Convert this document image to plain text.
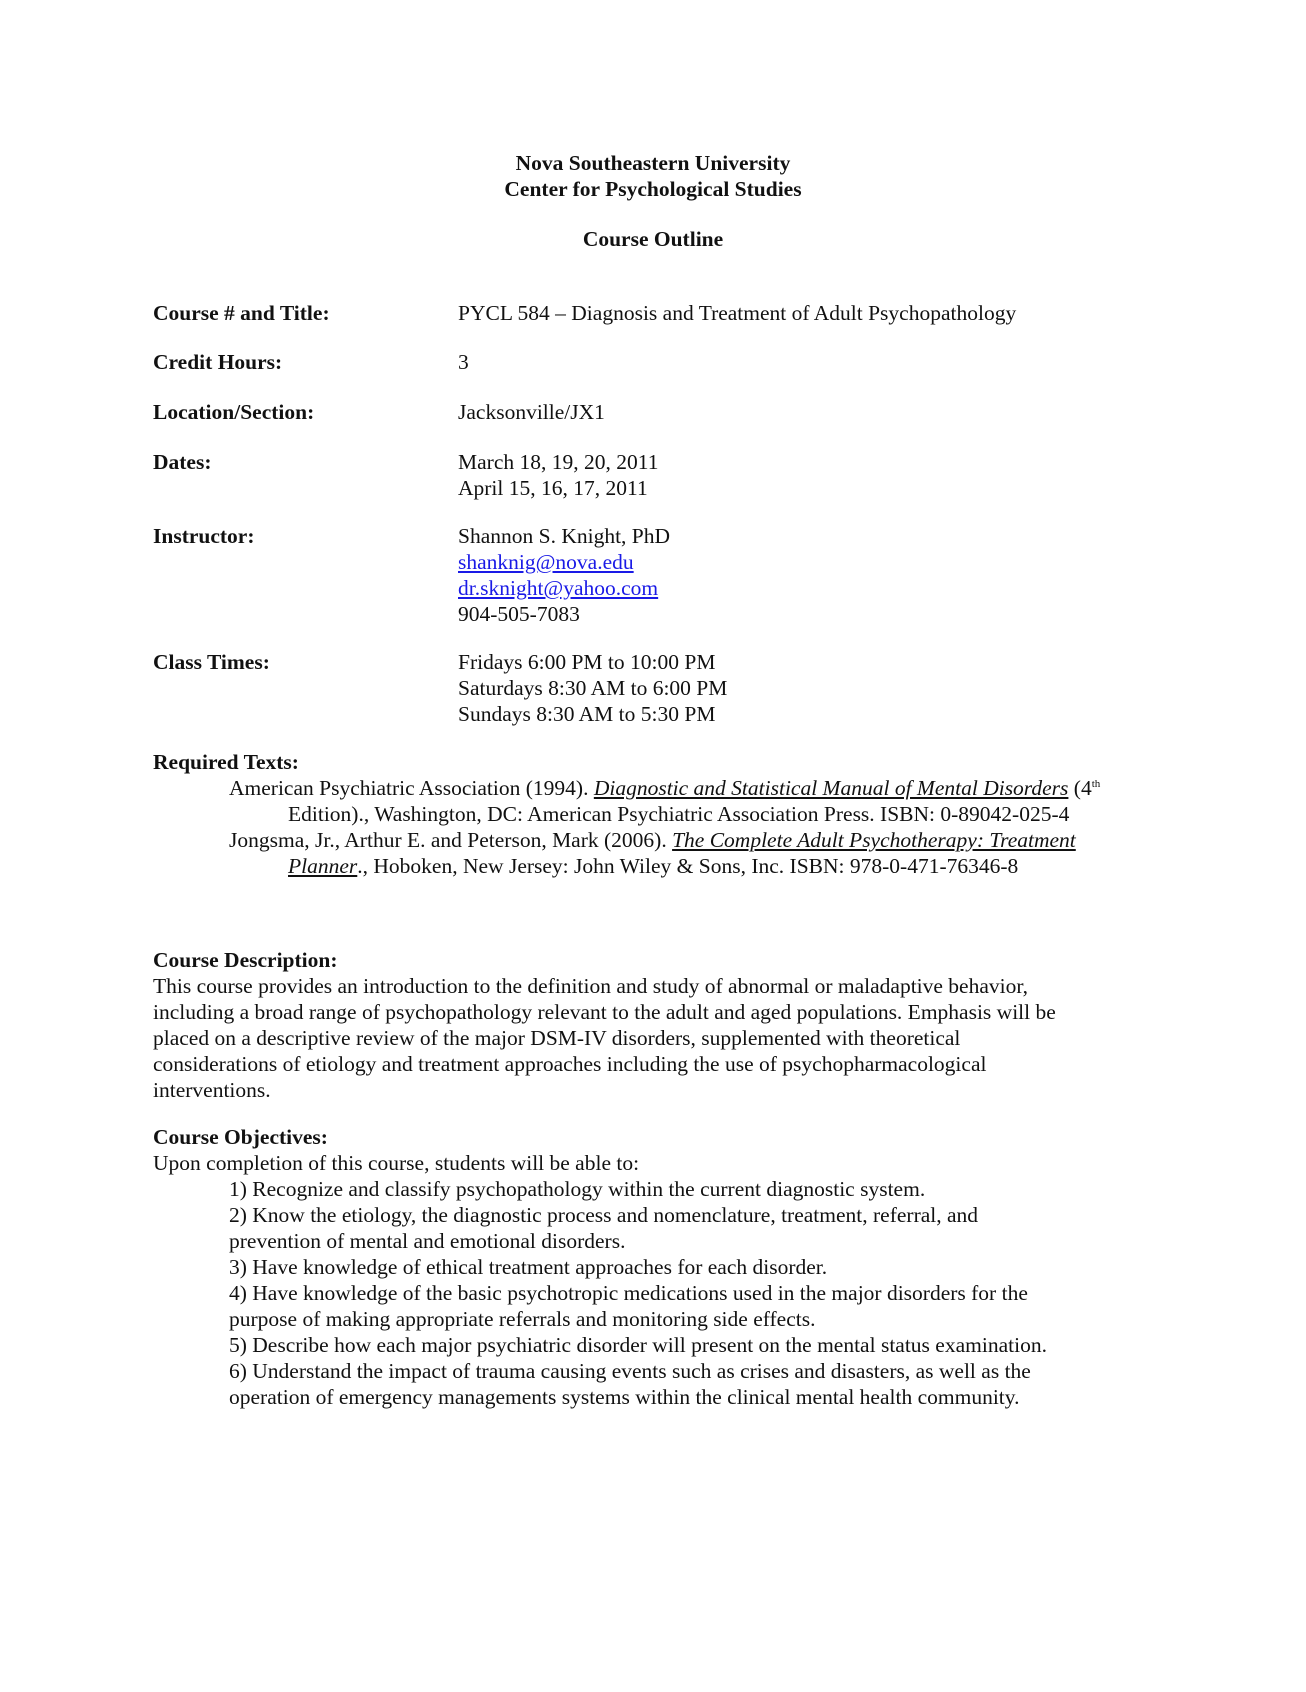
Nova Southeastern University
Center for Psychological Studies
Course Outline
Course # and Title:	PYCL 584 – Diagnosis and Treatment of Adult Psychopathology
Credit Hours:	3
Location/Section:	Jacksonville/JX1
Dates:	March 18, 19, 20, 2011
April 15, 16, 17, 2011
Instructor:	Shannon S. Knight, PhD
shanknig@nova.edu
dr.sknight@yahoo.com
904-505-7083
Class Times:	Fridays 6:00 PM to 10:00 PM
Saturdays 8:30 AM to 6:00 PM
Sundays 8:30 AM to 5:30 PM
Required Texts:

American Psychiatric Association (1994). Diagnostic and Statistical Manual of Mental Disorders (4th Edition)., Washington, DC: American Psychiatric Association Press. ISBN: 0-89042-025-4

Jongsma, Jr., Arthur E. and Peterson, Mark (2006). The Complete Adult Psychotherapy: Treatment Planner., Hoboken, New Jersey: John Wiley & Sons, Inc. ISBN: 978-0-471-76346-8

Course Description:
This course provides an introduction to the definition and study of abnormal or maladaptive behavior,
including a broad range of psychopathology relevant to the adult and aged populations. Emphasis will be
placed on a descriptive review of the major DSM-IV disorders, supplemented with theoretical
considerations of etiology and treatment approaches including the use of psychopharmacological
interventions.
Course Objectives:
Upon completion of this course, students will be able to:
1) Recognize and classify psychopathology within the current diagnostic system.
2) Know the etiology, the diagnostic process and nomenclature, treatment, referral, and
prevention of mental and emotional disorders.
3) Have knowledge of ethical treatment approaches for each disorder.
4) Have knowledge of the basic psychotropic medications used in the major disorders for the
purpose of making appropriate referrals and monitoring side effects.
5) Describe how each major psychiatric disorder will present on the mental status examination.
6) Understand the impact of trauma causing events such as crises and disasters, as well as the
operation of emergency managements systems within the clinical mental health community.
